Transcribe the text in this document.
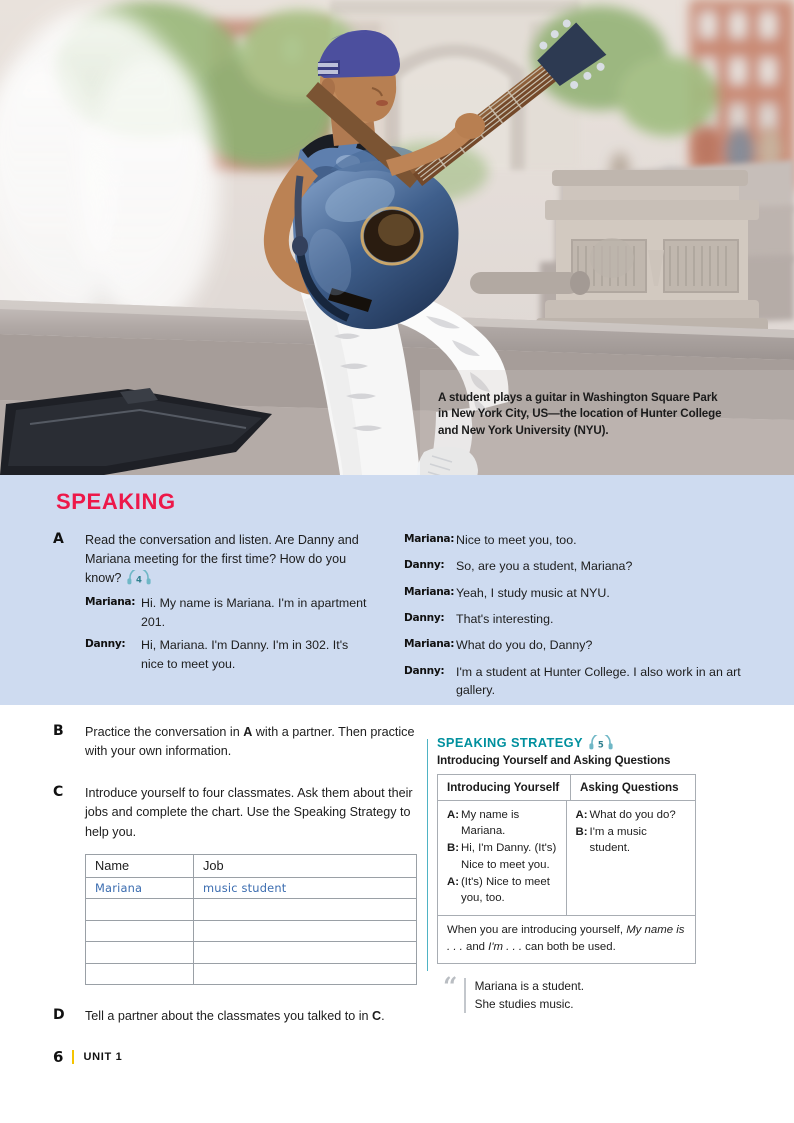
A student plays a guitar in Washington Square Park in New York City, US—the location of Hunter College and New York University (NYU).
SPEAKING
A Read the conversation and listen. Are Danny and Mariana meeting for the first time? How do you know? 4
Mariana: Hi. My name is Mariana. I'm in apartment 201.
Danny:	Hi, Mariana. I'm Danny. I'm in 302. It's nice to meet you.
Mariana: Nice to meet you, too.
Danny: So, are you a student, Mariana?
Mariana: Yeah, I study music at NYU.
Danny: That's interesting.
Mariana: What do you do, Danny?
Danny: I'm a student at Hunter College. I also work in an art gallery.
B Practice the conversation in A with a partner. Then practice with your own information.
C Introduce yourself to four classmates. Ask them about their jobs and complete the chart. Use the Speaking Strategy to help you.
Name	Job
Mariana	music student

D Tell a partner about the classmates you talked to in C.
SPEAKING STRATEGY 5
Introducing Yourself and Asking Questions
Introducing Yourself	Asking Questions
A: My name is Mariana.
B: Hi, I'm Danny. (It's) Nice to meet you.
A: (It's) Nice to meet you, too.
A: What do you do?
B: I'm a music student.
When you are introducing yourself, My name is . . . and I'm . . . can both be used.
“ Mariana is a student.
She studies music.
6 UNIT 1
